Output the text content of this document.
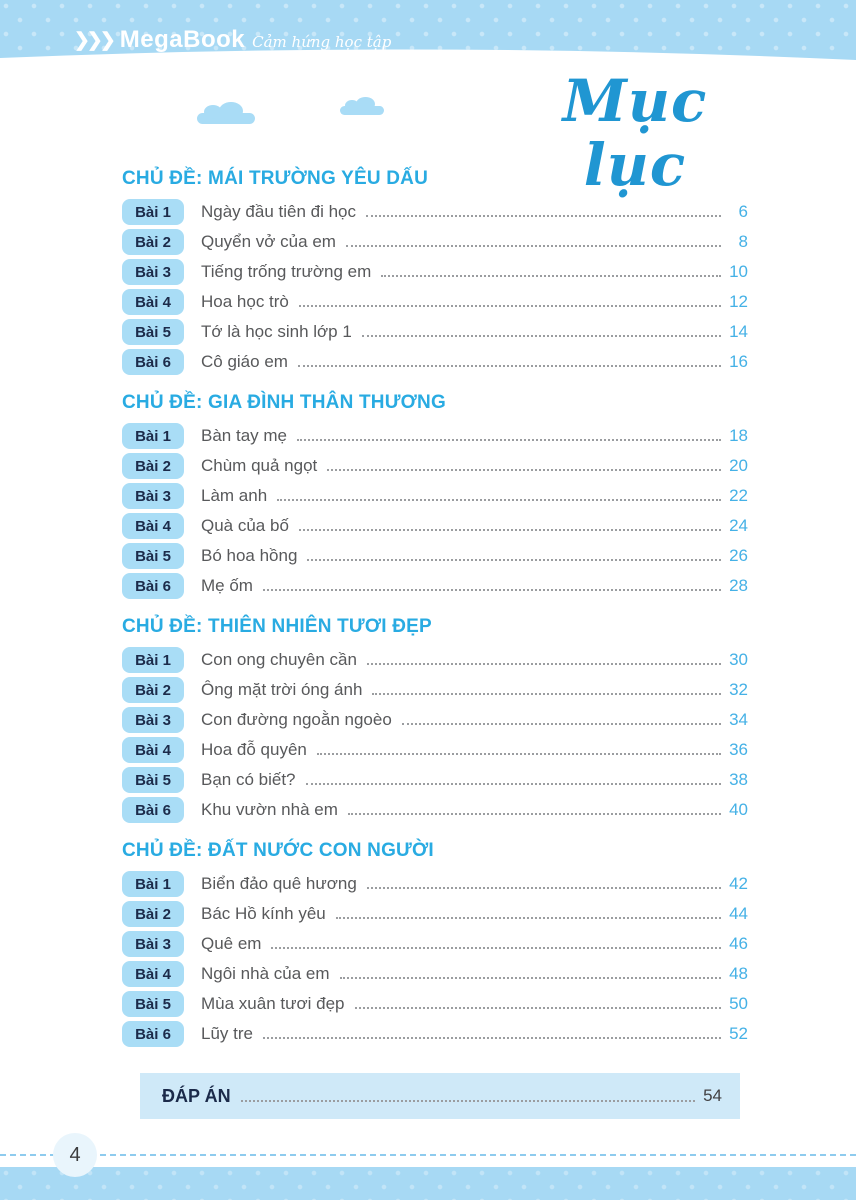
❯❯❯ MegaBook Cảm hứng học tập
Mục lục
CHỦ ĐỀ: MÁI TRƯỜNG YÊU DẤU
Bài 1	Ngày đầu tiên đi học	6
Bài 2	Quyển vở của em	8
Bài 3	Tiếng trống trường em	10
Bài 4	Hoa học trò	12
Bài 5	Tớ là học sinh lớp 1	14
Bài 6	Cô giáo em	16
CHỦ ĐỀ: GIA ĐÌNH THÂN THƯƠNG
Bài 1	Bàn tay mẹ	18
Bài 2	Chùm quả ngọt	20
Bài 3	Làm anh	22
Bài 4	Quà của bố	24
Bài 5	Bó hoa hồng	26
Bài 6	Mẹ ốm	28
CHỦ ĐỀ: THIÊN NHIÊN TƯƠI ĐẸP
Bài 1	Con ong chuyên cần	30
Bài 2	Ông mặt trời óng ánh	32
Bài 3	Con đường ngoằn ngoèo	34
Bài 4	Hoa đỗ quyên	36
Bài 5	Bạn có biết?	38
Bài 6	Khu vườn nhà em	40
CHỦ ĐỀ: ĐẤT NƯỚC CON NGƯỜI
Bài 1	Biển đảo quê hương	42
Bài 2	Bác Hồ kính yêu	44
Bài 3	Quê em	46
Bài 4	Ngôi nhà của em	48
Bài 5	Mùa xuân tươi đẹp	50
Bài 6	Lũy tre	52
ĐÁP ÁN	54
4
